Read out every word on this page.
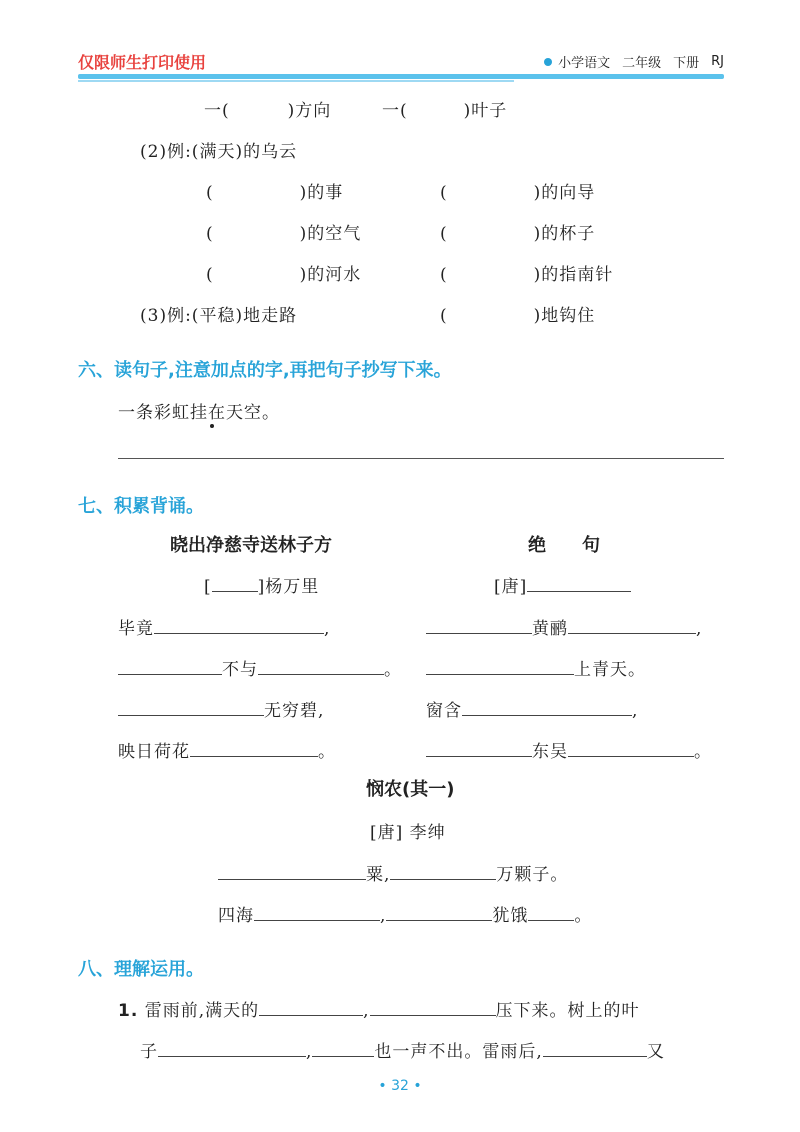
仅限师生打印使用	小学语文 二年级 下册 RJ
一(	)方向	一(	)叶子
(2)例:(满天)的乌云
(	)的事	(	)的向导
(	)的空气	(	)的杯子
(	)的河水	(	)的指南针
(3)例:(平稳)地走路	(	)地钩住
六、读句子,注意加点的字,再把句子抄写下来。
一条彩虹挂在天空。
七、积累背诵。
晓出净慈寺送林子方	绝　　句
[	]杨万里	[唐]
毕竟	,	黄鹂	,
不与	。	上青天。
无穷碧,	窗含	,
映日荷花	。	东吴	。
悯农(其一)
[唐] 李绅
粟,	万颗子。
四海	,	犹饿	。
八、理解运用。
1. 雷雨前,满天的	,	压下来。树上的叶
子	,	也一声不出。雷雨后,	又
• 32 •
